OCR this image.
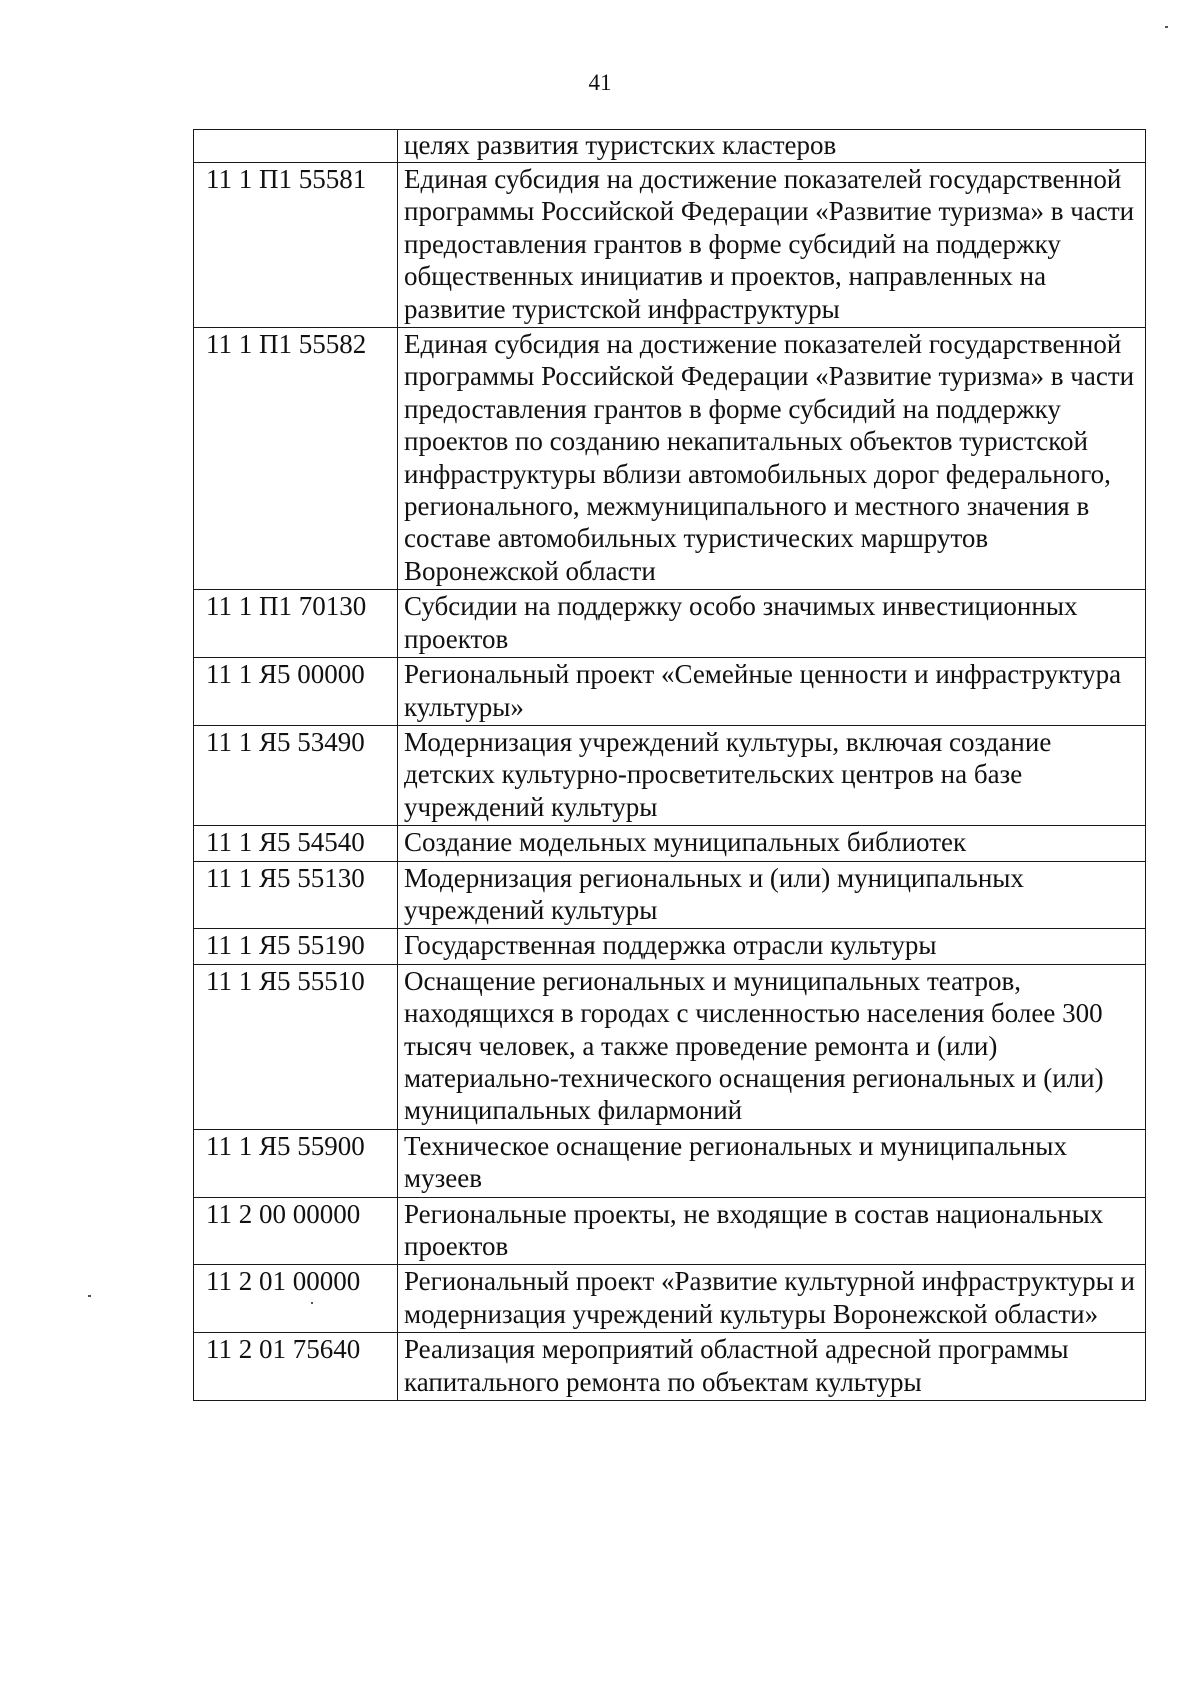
41
	целях развития туристских кластеров
11 1 П1 55581	Единая субсидия на достижение показателей государственной программы Российской Федерации «Развитие туризма» в части предоставления грантов в форме субсидий на поддержку общественных инициатив и проектов, направленных на развитие туристской инфраструктуры
11 1 П1 55582	Единая субсидия на достижение показателей государственной программы Российской Федерации «Развитие туризма» в части предоставления грантов в форме субсидий на поддержку проектов по созданию некапитальных объектов туристской инфраструктуры вблизи автомобильных дорог федерального, регионального, межмуниципального и местного значения в составе автомобильных туристических маршрутов Воронежской области
11 1 П1 70130	Субсидии на поддержку особо значимых инвестиционных проектов
11 1 Я5 00000	Региональный проект «Семейные ценности и инфраструктура культуры»
11 1 Я5 53490	Модернизация учреждений культуры, включая создание детских культурно-просветительских центров на базе учреждений культуры
11 1 Я5 54540	Создание модельных муниципальных библиотек
11 1 Я5 55130	Модернизация региональных и (или) муниципальных учреждений культуры
11 1 Я5 55190	Государственная поддержка отрасли культуры
11 1 Я5 55510	Оснащение региональных и муниципальных театров, находящихся в городах с численностью населения более 300 тысяч человек, а также проведение ремонта и (или) материально-технического оснащения региональных и (или) муниципальных филармоний
11 1 Я5 55900	Техническое оснащение региональных и муниципальных музеев
11 2 00 00000	Региональные проекты, не входящие в состав национальных проектов
11 2 01 00000	Региональный проект «Развитие культурной инфраструктуры и модернизация учреждений культуры Воронежской области»
11 2 01 75640	Реализация мероприятий областной адресной программы капитального ремонта по объектам культуры
